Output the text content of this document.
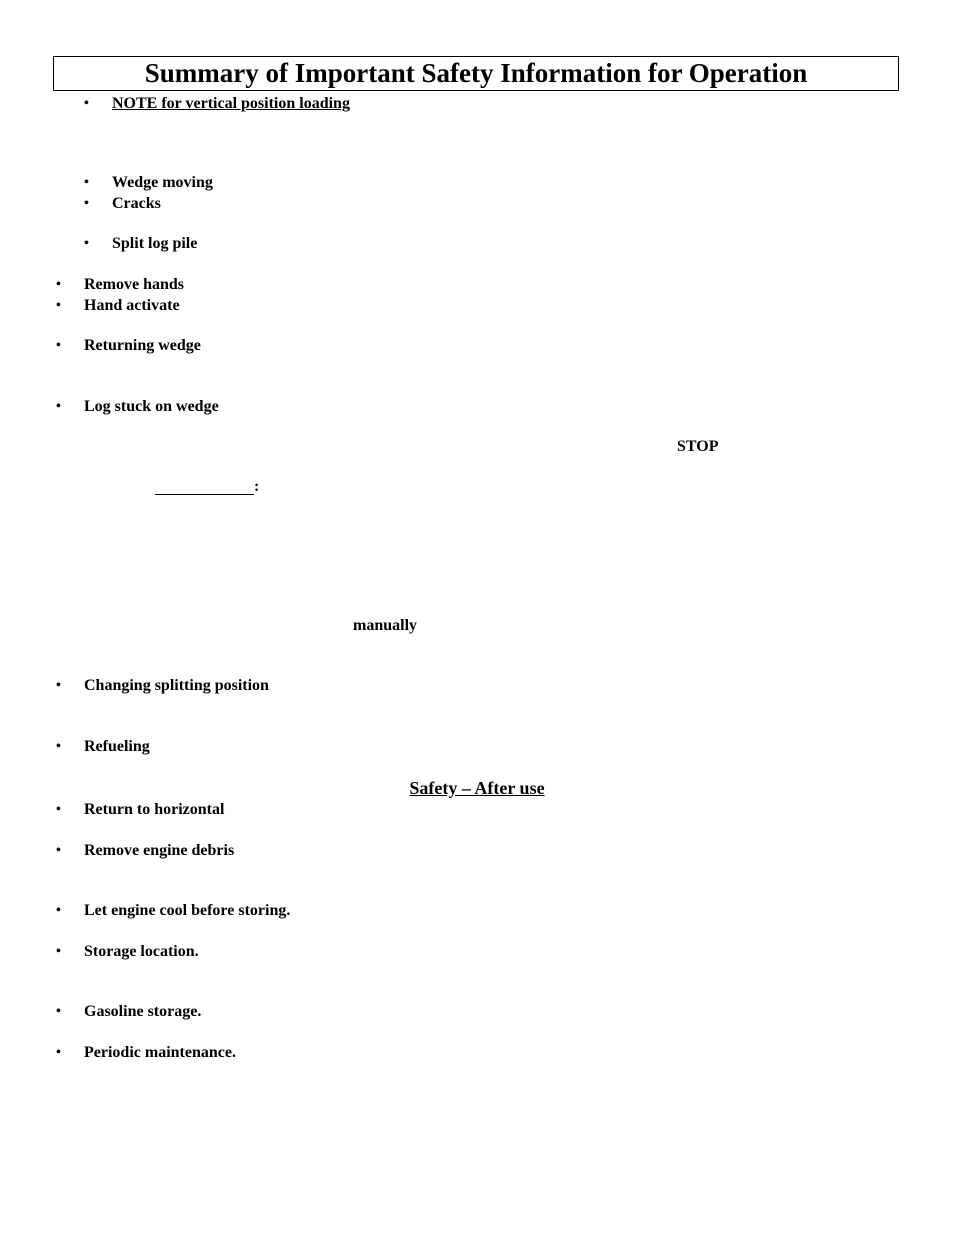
Summary of Important Safety Information for Operation
•	NOTE for vertical position loading
•	Wedge moving
•	Cracks
•	Split log pile
•	Remove hands
•	Hand activate
•	Returning wedge
•	Log stuck on wedge
STOP
:
manually
•	Changing splitting position
•	Refueling
Safety – After use
•	Return to horizontal
•	Remove engine debris
•	Let engine cool before storing.
•	Storage location.
•	Gasoline storage.
•	Periodic maintenance.
